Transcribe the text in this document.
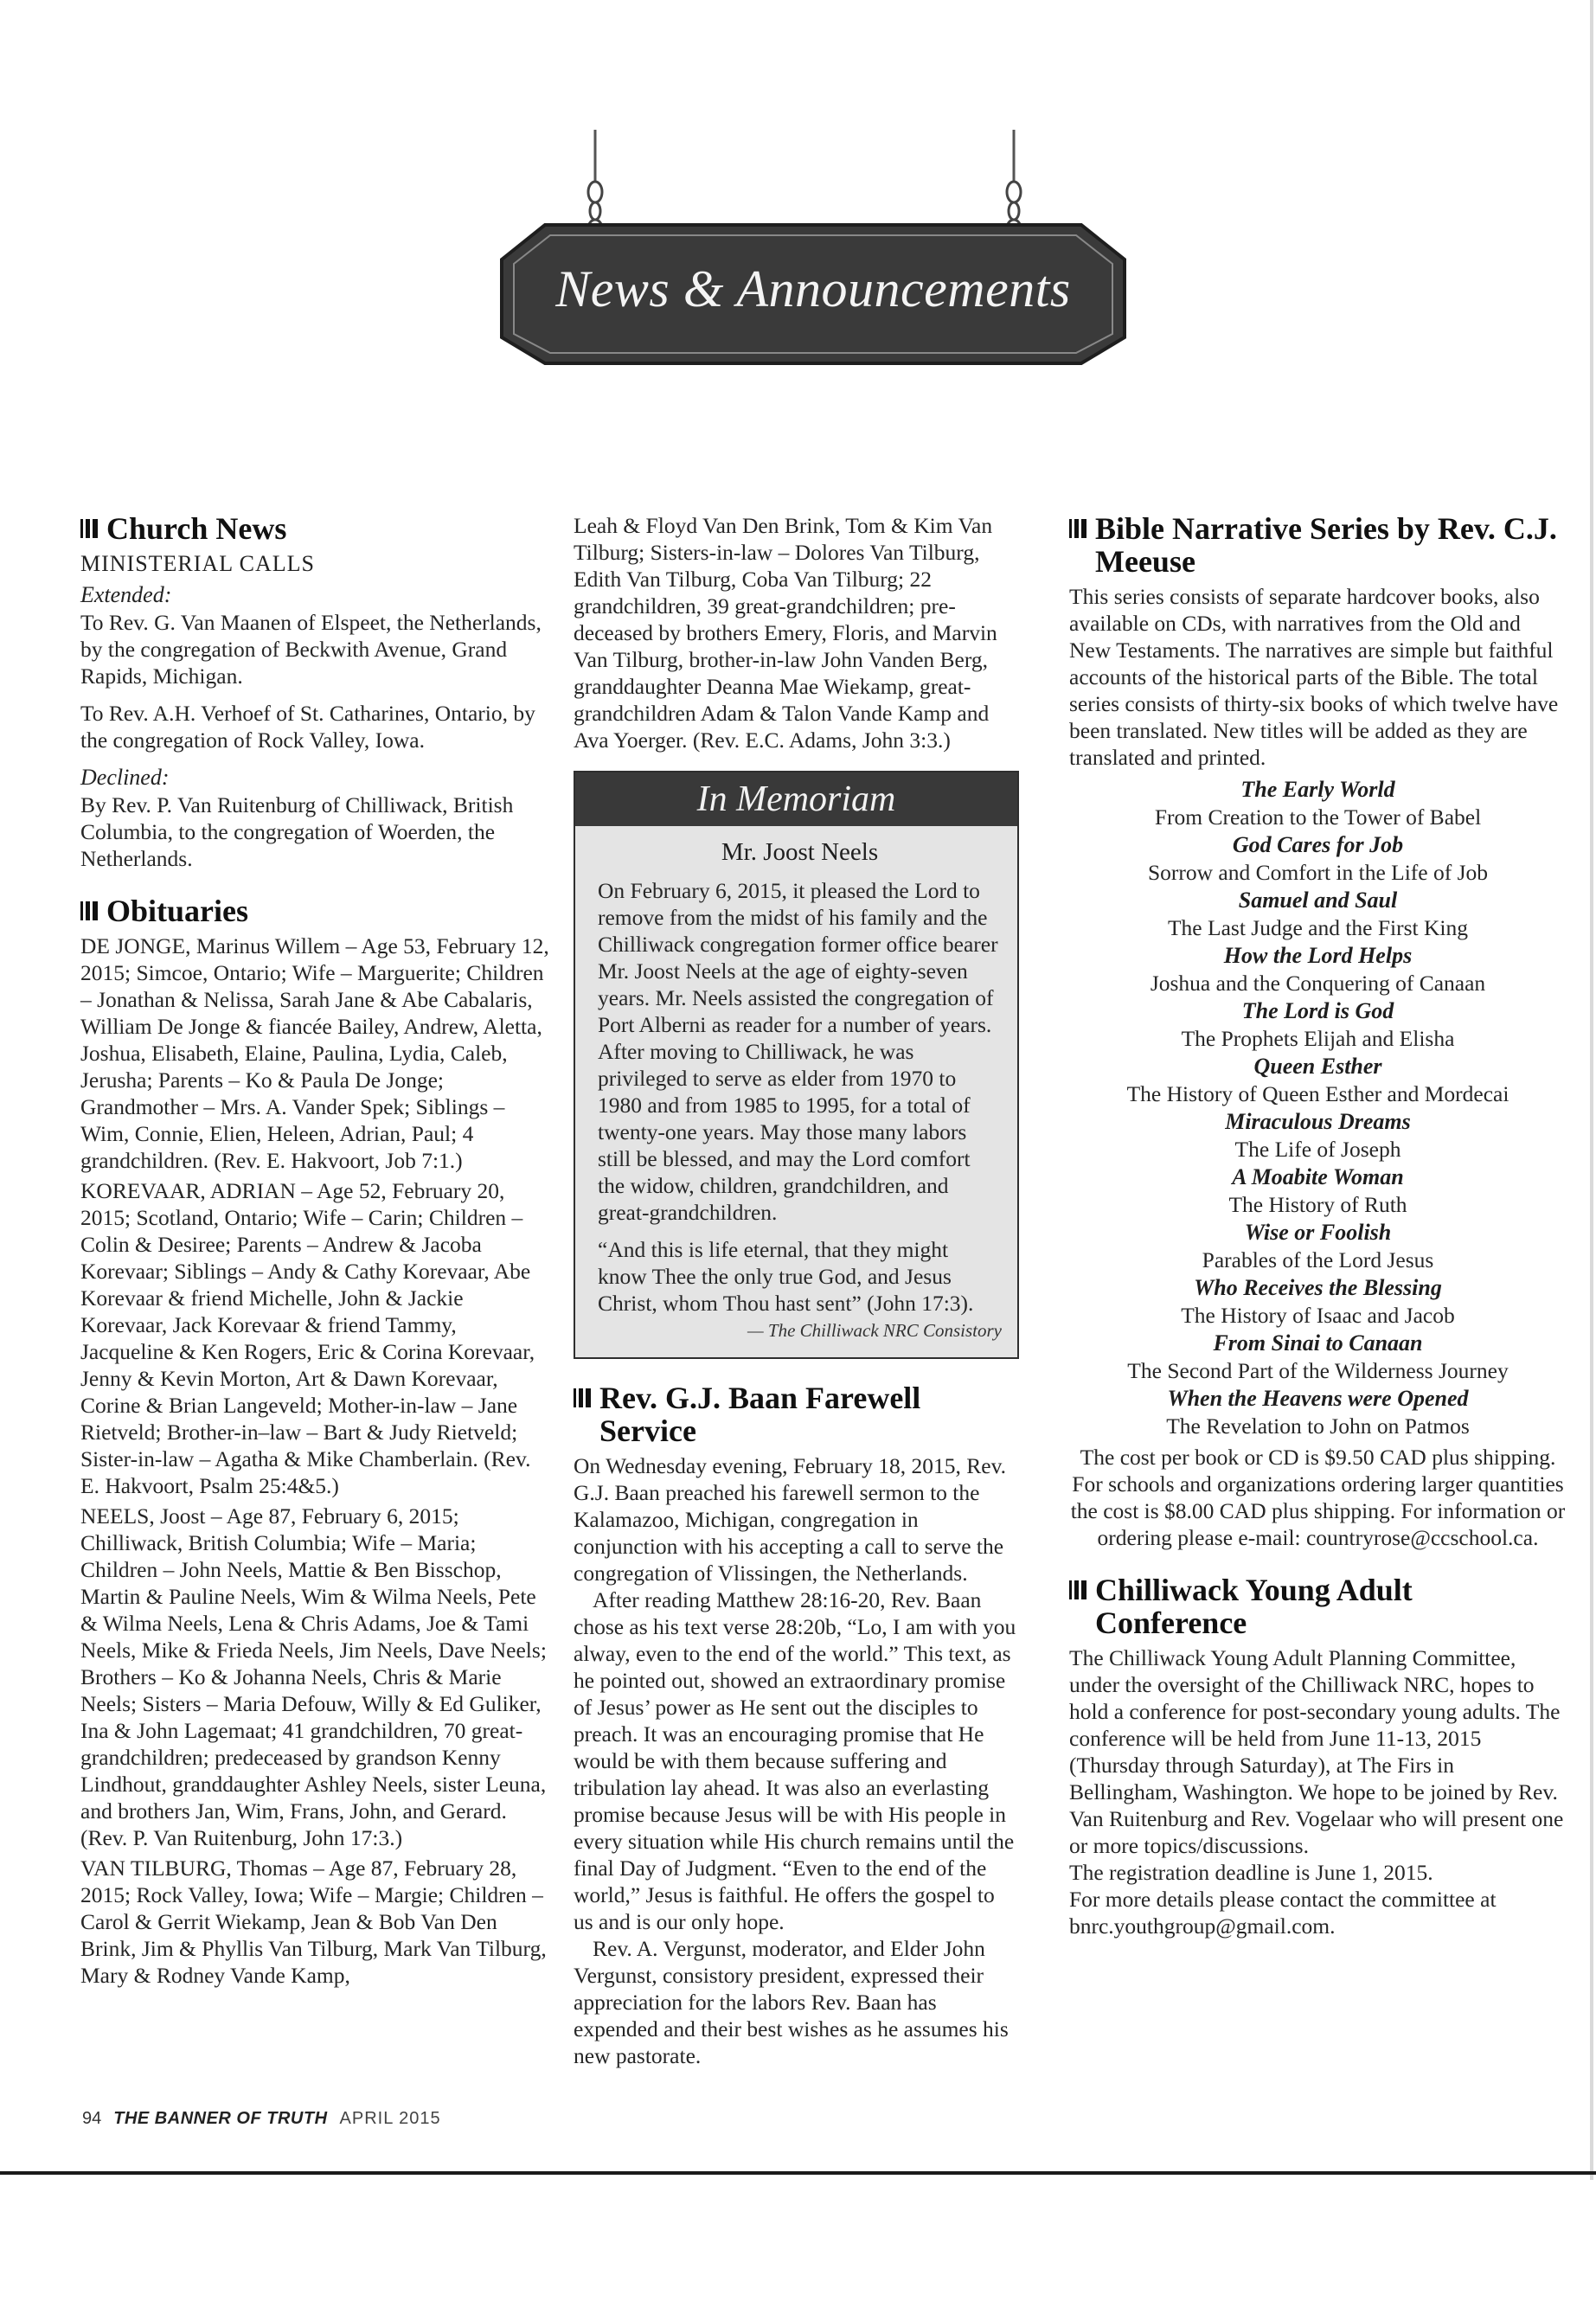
News & Announcements
Church News
MINISTERIAL CALLS
Extended:

To Rev. G. Van Maanen of Elspeet, the Netherlands, by the congregation of Beckwith Avenue, Grand Rapids, Michigan.

To Rev. A.H. Verhoef of St. Catharines, Ontario, by the congregation of Rock Valley, Iowa.

Declined:

By Rev. P. Van Ruitenburg of Chilliwack, British Columbia, to the congregation of Woerden, the Netherlands.

Obituaries

DE JONGE, Marinus Willem – Age 53, February 12, 2015; Simcoe, Ontario; Wife – Marguerite; Children – Jonathan & Nelissa, Sarah Jane & Abe Cabalaris, William De Jonge & fiancée Bailey, Andrew, Aletta, Joshua, Elisabeth, Elaine, Paulina, Lydia, Caleb, Jerusha; Parents – Ko & Paula De Jonge; Grandmother – Mrs. A. Vander Spek; Siblings – Wim, Connie, Elien, Heleen, Adrian, Paul; 4 grandchildren. (Rev. E. Hakvoort, Job 7:1.)

KOREVAAR, ADRIAN – Age 52, February 20, 2015; Scotland, Ontario; Wife – Carin; Children – Colin & Desiree; Parents – Andrew & Jacoba Korevaar; Siblings – Andy & Cathy Korevaar, Abe Korevaar & friend Michelle, John & Jackie Korevaar, Jack Korevaar & friend Tammy, Jacqueline & Ken Rogers, Eric & Corina Korevaar, Jenny & Kevin Morton, Art & Dawn Korevaar, Corine & Brian Langeveld; Mother-in-law – Jane Rietveld; Brother-in–law – Bart & Judy Rietveld; Sister-in-law – Agatha & Mike Chamberlain. (Rev. E. Hakvoort, Psalm 25:4&5.)

NEELS, Joost – Age 87, February 6, 2015; Chilliwack, British Columbia; Wife – Maria; Children – John Neels, Mattie & Ben Bisschop, Martin & Pauline Neels, Wim & Wilma Neels, Pete & Wilma Neels, Lena & Chris Adams, Joe & Tami Neels, Mike & Frieda Neels, Jim Neels, Dave Neels; Brothers – Ko & Johanna Neels, Chris & Marie Neels; Sisters – Maria Defouw, Willy & Ed Guliker, Ina & John Lagemaat; 41 grandchildren, 70 great-grandchildren; predeceased by grandson Kenny Lindhout, granddaughter Ashley Neels, sister Leuna, and brothers Jan, Wim, Frans, John, and Gerard. (Rev. P. Van Ruitenburg, John 17:3.)

VAN TILBURG, Thomas – Age 87, February 28, 2015; Rock Valley, Iowa; Wife – Margie; Children – Carol & Gerrit Wiekamp, Jean & Bob Van Den Brink, Jim & Phyllis Van Tilburg, Mark Van Tilburg, Mary & Rodney Vande Kamp,

Leah & Floyd Van Den Brink, Tom & Kim Van Tilburg; Sisters-in-law – Dolores Van Tilburg, Edith Van Tilburg, Coba Van Tilburg; 22 grandchildren, 39 great-grandchildren; pre-deceased by brothers Emery, Floris, and Marvin Van Tilburg, brother-in-law John Vanden Berg, granddaughter Deanna Mae Wiekamp, great-grandchildren Adam & Talon Vande Kamp and Ava Yoerger. (Rev. E.C. Adams, John 3:3.)

In Memoriam
Mr. Joost Neels

On February 6, 2015, it pleased the Lord to remove from the midst of his family and the Chilliwack congregation former office bearer Mr. Joost Neels at the age of eighty-seven years. Mr. Neels assisted the congregation of Port Alberni as reader for a number of years. After moving to Chilliwack, he was privileged to serve as elder from 1970 to 1980 and from 1985 to 1995, for a total of twenty-one years. May those many labors still be blessed, and may the Lord comfort the widow, children, grandchildren, and great-grandchildren.

“And this is life eternal, that they might know Thee the only true God, and Jesus Christ, whom Thou hast sent” (John 17:3).

— The Chilliwack NRC Consistory
Rev. G.J. Baan Farewell Service

On Wednesday evening, February 18, 2015, Rev. G.J. Baan preached his farewell sermon to the Kalamazoo, Michigan, congregation in conjunction with his accepting a call to serve the congregation of Vlissingen, the Netherlands.

After reading Matthew 28:16-20, Rev. Baan chose as his text verse 28:20b, “Lo, I am with you alway, even to the end of the world.” This text, as he pointed out, showed an extraordinary promise of Jesus’ power as He sent out the disciples to preach. It was an encouraging promise that He would be with them because suffering and tribulation lay ahead. It was also an everlasting promise because Jesus will be with His people in every situation while His church remains until the final Day of Judgment. “Even to the end of the world,” Jesus is faithful. He offers the gospel to us and is our only hope.

Rev. A. Vergunst, moderator, and Elder John Vergunst, consistory president, expressed their appreciation for the labors Rev. Baan has expended and their best wishes as he assumes his new pastorate.

Bible Narrative Series by Rev. C.J. Meeuse

This series consists of separate hardcover books, also available on CDs, with narratives from the Old and New Testaments. The narratives are simple but faithful accounts of the historical parts of the Bible. The total series consists of thirty-six books of which twelve have been translated. New titles will be added as they are translated and printed.

The Early World
From Creation to the Tower of Babel
God Cares for Job
Sorrow and Comfort in the Life of Job
Samuel and Saul
The Last Judge and the First King
How the Lord Helps
Joshua and the Conquering of Canaan
The Lord is God
The Prophets Elijah and Elisha
Queen Esther
The History of Queen Esther and Mordecai
Miraculous Dreams
The Life of Joseph
A Moabite Woman
The History of Ruth
Wise or Foolish
Parables of the Lord Jesus
Who Receives the Blessing
The History of Isaac and Jacob
From Sinai to Canaan
The Second Part of the Wilderness Journey
When the Heavens were Opened
The Revelation to John on Patmos

The cost per book or CD is $9.50 CAD plus shipping. For schools and organizations ordering larger quantities the cost is $8.00 CAD plus shipping. For information or ordering please e-mail: countryrose@ccschool.ca.

Chilliwack Young Adult Conference

The Chilliwack Young Adult Planning Committee, under the oversight of the Chilliwack NRC, hopes to hold a conference for post-secondary young adults. The conference will be held from June 11-13, 2015 (Thursday through Saturday), at The Firs in Bellingham, Washington. We hope to be joined by Rev. Van Ruitenburg and Rev. Vogelaar who will present one or more topics/discussions.

The registration deadline is June 1, 2015.

For more details please contact the committee at bnrc.youthgroup@gmail.com.

94 THE BANNER OF TRUTH APRIL 2015
